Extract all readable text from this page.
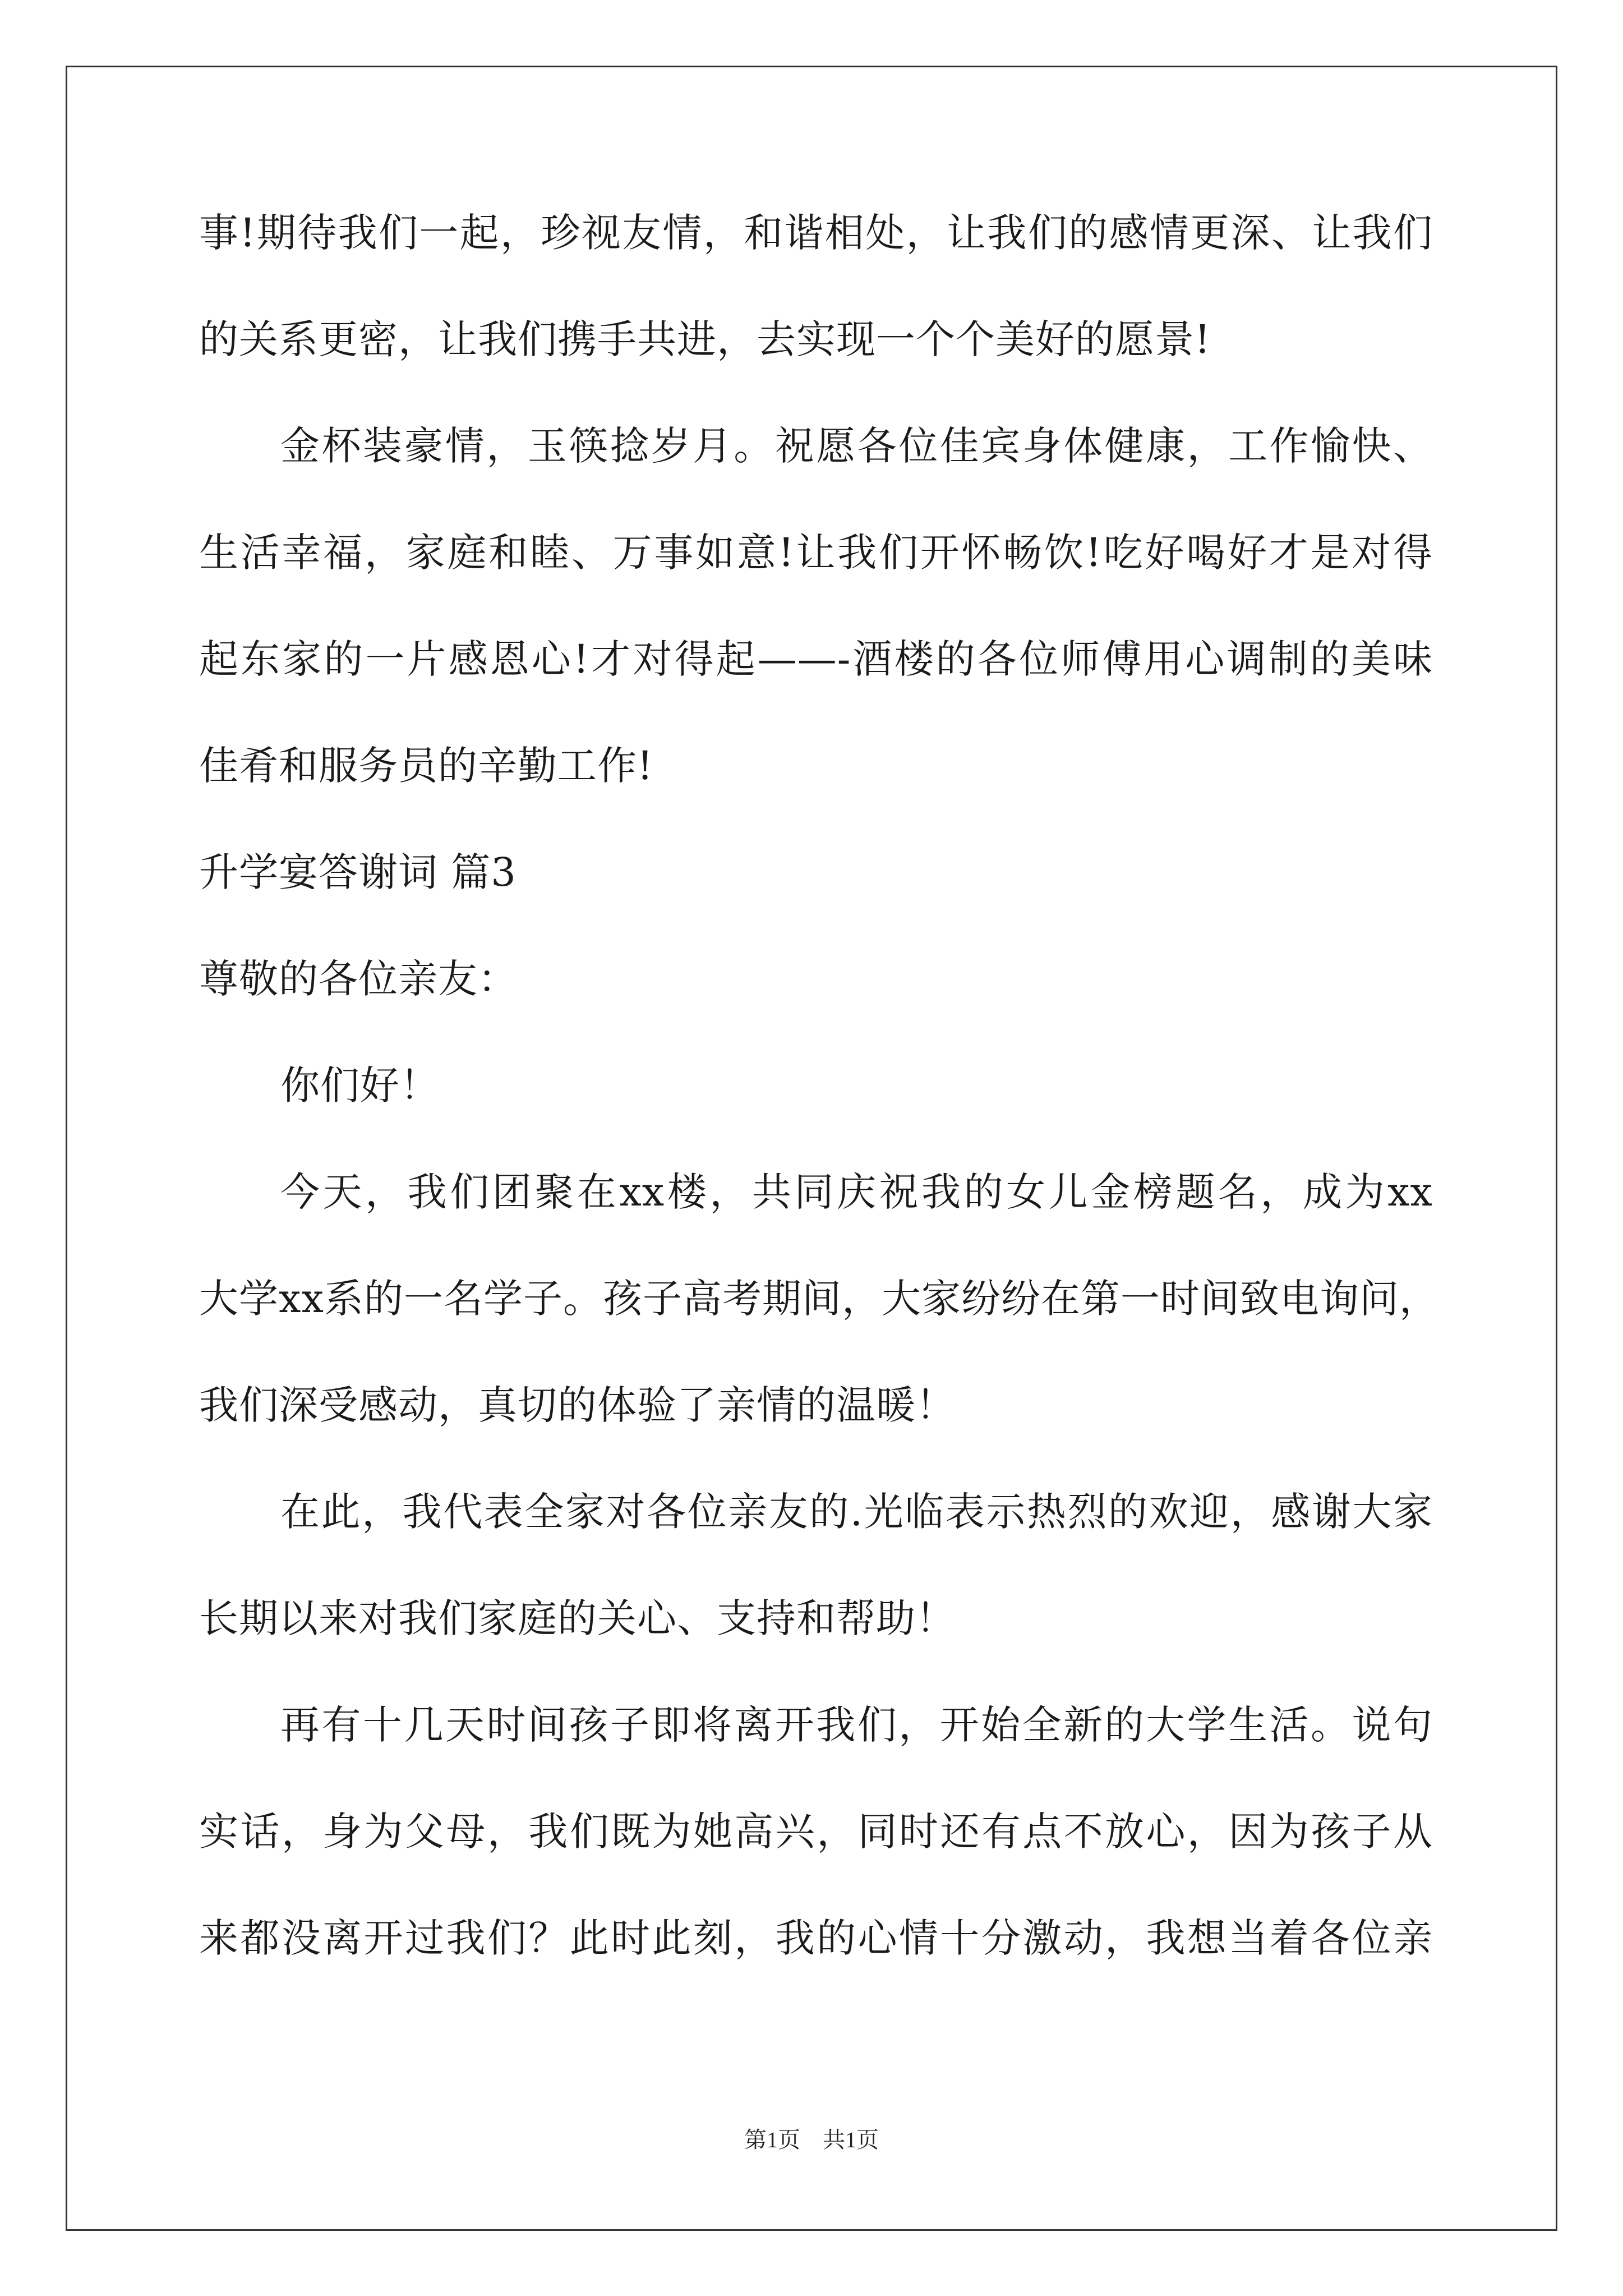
事!期待我们一起，珍视友情，和谐相处，让我们的感情更深、让我们
的关系更密，让我们携手共进，去实现一个个美好的愿景!
金杯装豪情，玉筷捻岁月。祝愿各位佳宾身体健康，工作愉快、
生活幸福，家庭和睦、万事如意!让我们开怀畅饮!吃好喝好才是对得
起东家的一片感恩心!才对得起——-酒楼的各位师傅用心调制的美味
佳肴和服务员的辛勤工作!
升学宴答谢词 篇3
尊敬的各位亲友：
你们好！
今天，我们团聚在xx楼，共同庆祝我的女儿金榜题名，成为xx
大学xx系的一名学子。孩子高考期间，大家纷纷在第一时间致电询问，
我们深受感动，真切的体验了亲情的温暖！
在此，我代表全家对各位亲友的.光临表示热烈的欢迎，感谢大家
长期以来对我们家庭的关心、支持和帮助！
再有十几天时间孩子即将离开我们，开始全新的大学生活。说句
实话，身为父母，我们既为她高兴，同时还有点不放心，因为孩子从
来都没离开过我们？此时此刻，我的心情十分激动，我想当着各位亲
第1页　共1页
